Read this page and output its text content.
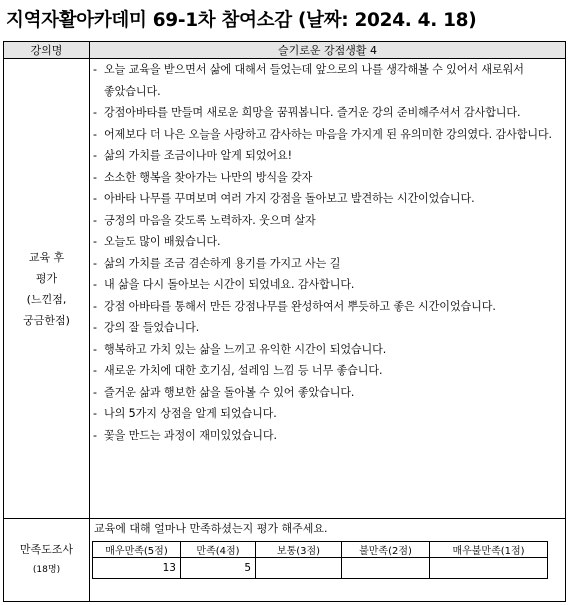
지역자활아카데미 69-1차 참여소감 (날짜: 2024. 4. 18)
강의명	슬기로운 강점생활 4

교육 후
평가
(느낀점,
궁금한점)

- 오늘 교육을 받으면서 삶에 대해서 들었는데 앞으로의 나를 생각해볼 수 있어서 새로워서 좋았습니다.
- 강점아바타를 만들며 새로운 희망을 꿈꿔봅니다. 즐거운 강의 준비해주셔서 감사합니다.
- 어제보다 더 나은 오늘을 사랑하고 감사하는 마음을 가지게 된 유의미한 강의였다. 감사합니다.
- 삶의 가치를 조금이나마 알게 되었어요!
- 소소한 행복을 찾아가는 나만의 방식을 갖자
- 아바타 나무를 꾸며보며 여러 가지 강점을 돌아보고 발견하는 시간이었습니다.
- 긍정의 마음을 갖도록 노력하자. 웃으며 살자
- 오늘도 많이 배웠습니다.
- 삶의 가치를 조금 겸손하게 용기를 가지고 사는 길
- 내 삶을 다시 돌아보는 시간이 되었네요. 감사합니다.
- 강점 아바타를 통해서 만든 강점나무를 완성하여서 뿌듯하고 좋은 시간이었습니다.
- 강의 잘 들었습니다.
- 행복하고 가치 있는 삶을 느끼고 유익한 시간이 되었습니다.
- 새로운 가치에 대한 호기심, 설레임 느낌 등 너무 좋습니다.
- 즐거운 삶과 행보한 삶을 돌아볼 수 있어 좋았습니다.
- 나의 5가지 상점을 알게 되었습니다.
- 꽃을 만드는 과정이 재미있었습니다.

만족도조사
(18명)

교육에 대해 얼마나 만족하셨는지 평가 해주세요.
매우만족(5점)	만족(4점)	보통(3점)	불만족(2점)	매우불만족(1점)
13	5			
